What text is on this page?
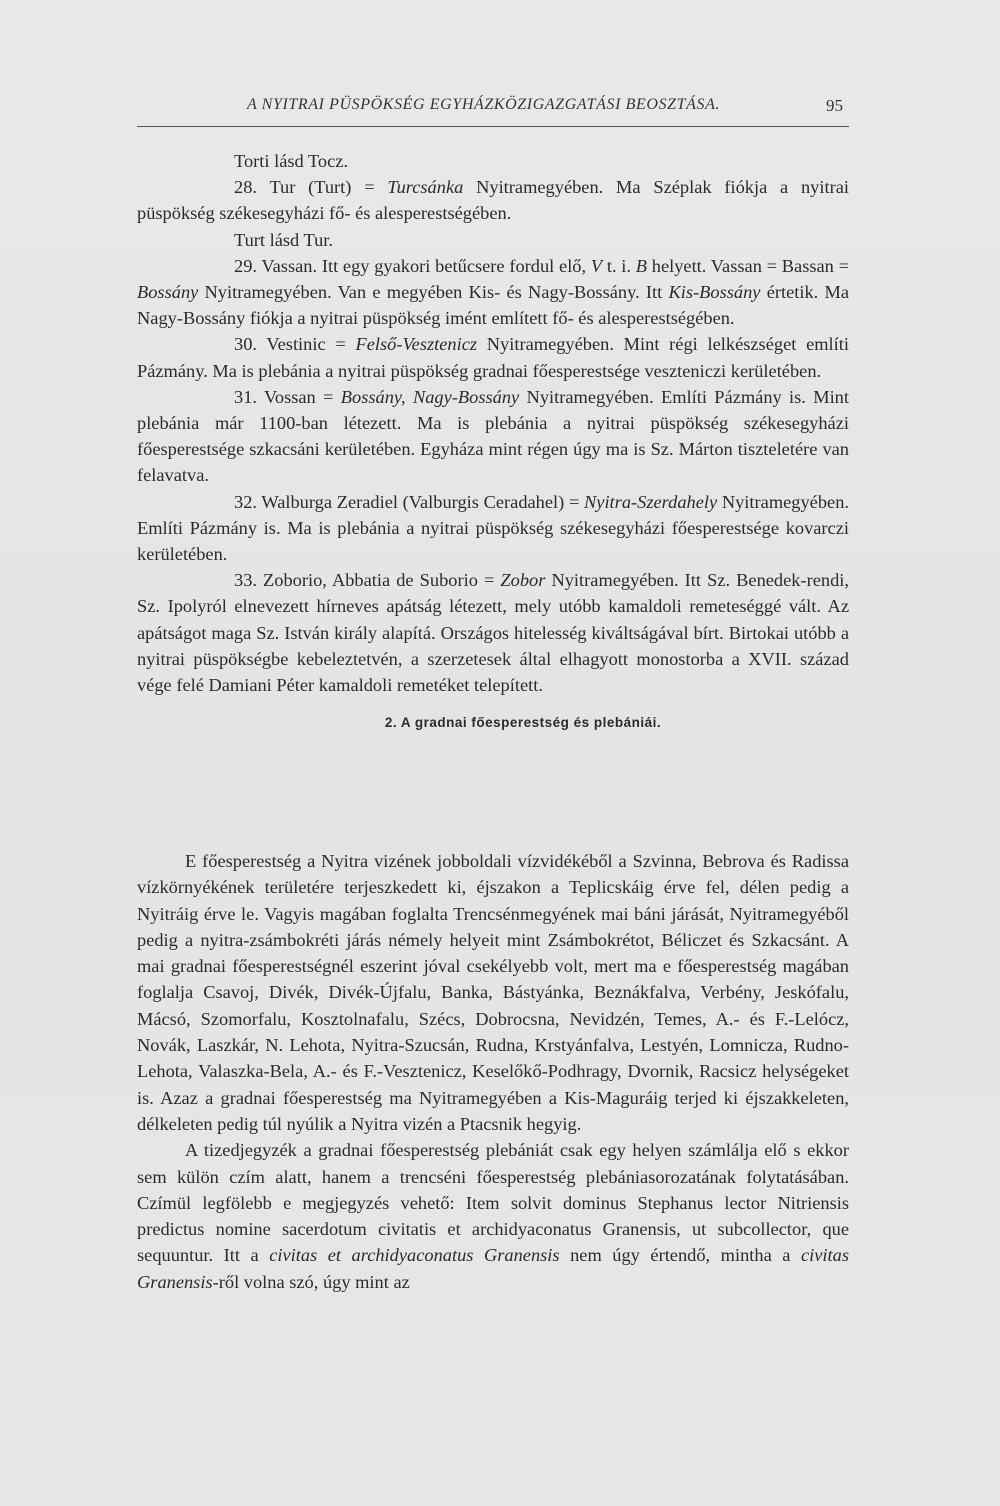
A NYITRAI PÜSPÖKSÉG EGYHÁZKÖZIGAZGATÁSI BEOSZTÁSA.	95

Torti lásd Tocz.

28. Tur (Turt) = Turcsánka Nyitramegyében. Ma Széplak fiókja a nyitrai püspökség székesegyházi fő- és alesperestségében.

Turt lásd Tur.

29. Vassan. Itt egy gyakori betűcsere fordul elő, V t. i. B helyett. Vassan = Bassan = Bossány Nyitramegyében. Van e megyében Kis- és Nagy-Bossány. Itt Kis-Bossány értetik. Ma Nagy-Bossány fiókja a nyitrai püspökség imént említett fő- és alesperestségében.

30. Vestinic = Felső-Vesztenicz Nyitramegyében. Mint régi lelkészséget említi Pázmány. Ma is plebánia a nyitrai püspökség gradnai főesperestsége veszteniczi kerületében.

31. Vossan = Bossány, Nagy-Bossány Nyitramegyében. Említi Pázmány is. Mint plebánia már 1100-ban létezett. Ma is plebánia a nyitrai püspökség székesegyházi főesperestsége szkacsáni kerületében. Egyháza mint régen úgy ma is Sz. Márton tiszteletére van felavatva.

32. Walburga Zeradiel (Valburgis Ceradahel) = Nyitra-Szerdahely Nyitramegyében. Említi Pázmány is. Ma is plebánia a nyitrai püspökség székesegyházi főesperestsége kovarczi kerületében.

33. Zoborio, Abbatia de Suborio = Zobor Nyitramegyében. Itt Sz. Benedek-rendi, Sz. Ipolyról elnevezett hírneves apátság létezett, mely utóbb kamaldoli remeteséggé vált. Az apátságot maga Sz. István király alapítá. Országos hitelesség kiváltságával bírt. Birtokai utóbb a nyitrai püspökségbe kebeleztetvén, a szerzetesek által elhagyott monostorba a XVII. század vége felé Damiani Péter kamaldoli remetéket telepített.

2. A gradnai főesperestség és plebániái.

E főesperestség a Nyitra vizének jobboldali vízvidékéből a Szvinna, Bebrova és Radissa vízkörnyékének területére terjeszkedett ki, éjszakon a Teplicskáig érve fel, délen pedig a Nyitráig érve le. Vagyis magában foglalta Trencsénmegyének mai báni járását, Nyitramegyéből pedig a nyitra-zsámbokréti járás némely helyeit mint Zsámbokrétot, Béliczet és Szkacsánt. A mai gradnai főesperestségnél eszerint jóval csekélyebb volt, mert ma e főesperestség magában foglalja Csavoj, Divék, Divék-Újfalu, Banka, Bástyánka, Beznákfalva, Verbény, Jeskófalu, Mácsó, Szomorfalu, Kosztolnafalu, Szécs, Dobrocsna, Nevidzén, Temes, A.- és F.-Lelócz, Novák, Laszkár, N. Lehota, Nyitra-Szucsán, Rudna, Krstyánfalva, Lestyén, Lomnicza, Rudno-Lehota, Valaszka-Bela, A.- és F.-Vesztenicz, Keselőkő-Podhragy, Dvornik, Racsicz helységeket is. Azaz a gradnai főesperestség ma Nyitramegyében a Kis-Maguráig terjed ki éjszakkeleten, délkeleten pedig túl nyúlik a Nyitra vizén a Ptacsnik hegyig.

A tizedjegyzék a gradnai főesperestség plebániát csak egy helyen számlálja elő s ekkor sem külön czím alatt, hanem a trencséni főesperestség plebániasorozatának folytatásában. Czímül legfölebb e megjegyzés vehető: Item solvit dominus Stephanus lector Nitriensis predictus nomine sacerdotum civitatis et archidyaconatus Granensis, ut subcollector, que sequuntur. Itt a civitas et archidyaconatus Granensis nem úgy értendő, mintha a civitas Granensis-ről volna szó, úgy mint az
